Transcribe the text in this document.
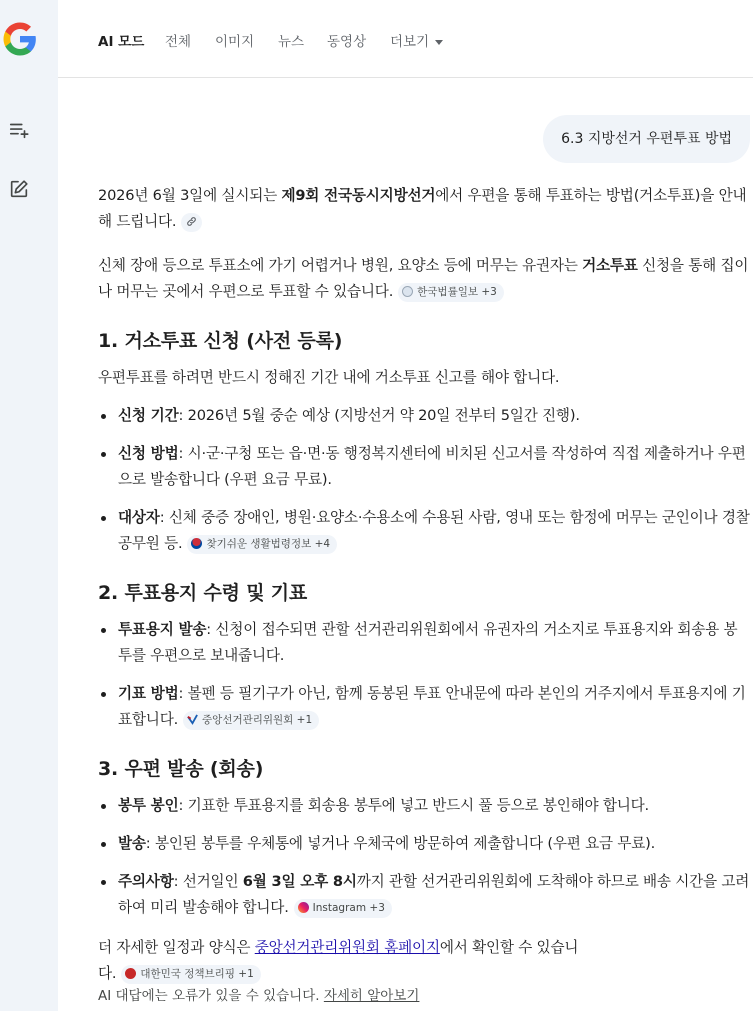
AI 모드 전체 이미지 뉴스 동영상 더보기
6.3 지방선거 우편투표 방법

2026년 6월 3일에 실시되는 제9회 전국동시지방선거에서 우편을 통해 투표하는 방법(거소투표)을 안내해 드립니다.

신체 장애 등으로 투표소에 가기 어렵거나 병원, 요양소 등에 머무는 유권자는 거소투표 신청을 통해 집이나 머무는 곳에서 우편으로 투표할 수 있습니다. 한국법률일보 +3

1. 거소투표 신청 (사전 등록)

우편투표를 하려면 반드시 정해진 기간 내에 거소투표 신고를 해야 합니다.

신청 기간: 2026년 5월 중순 예상 (지방선거 약 20일 전부터 5일간 진행).
신청 방법: 시·군·구청 또는 읍·면·동 행정복지센터에 비치된 신고서를 작성하여 직접 제출하거나 우편으로 발송합니다 (우편 요금 무료).
대상자: 신체 중증 장애인, 병원·요양소·수용소에 수용된 사람, 영내 또는 함정에 머무는 군인이나 경찰공무원 등. 찾기쉬운 생활법령정보 +4
2. 투표용지 수령 및 기표
투표용지 발송: 신청이 접수되면 관할 선거관리위원회에서 유권자의 거소지로 투표용지와 회송용 봉투를 우편으로 보내줍니다.
기표 방법: 볼펜 등 필기구가 아닌, 함께 동봉된 투표 안내문에 따라 본인의 거주지에서 투표용지에 기표합니다. 중앙선거관리위원회 +1
3. 우편 발송 (회송)
봉투 봉인: 기표한 투표용지를 회송용 봉투에 넣고 반드시 풀 등으로 봉인해야 합니다.
발송: 봉인된 봉투를 우체통에 넣거나 우체국에 방문하여 제출합니다 (우편 요금 무료).
주의사항: 선거일인 6월 3일 오후 8시까지 관할 선거관리위원회에 도착해야 하므로 배송 시간을 고려하여 미리 발송해야 합니다. Instagram +3

더 자세한 일정과 양식은 중앙선거관리위원회 홈페이지에서 확인할 수 있습니
다. 대한민국 정책브리핑 +1

AI 대답에는 오류가 있을 수 있습니다. 자세히 알아보기
